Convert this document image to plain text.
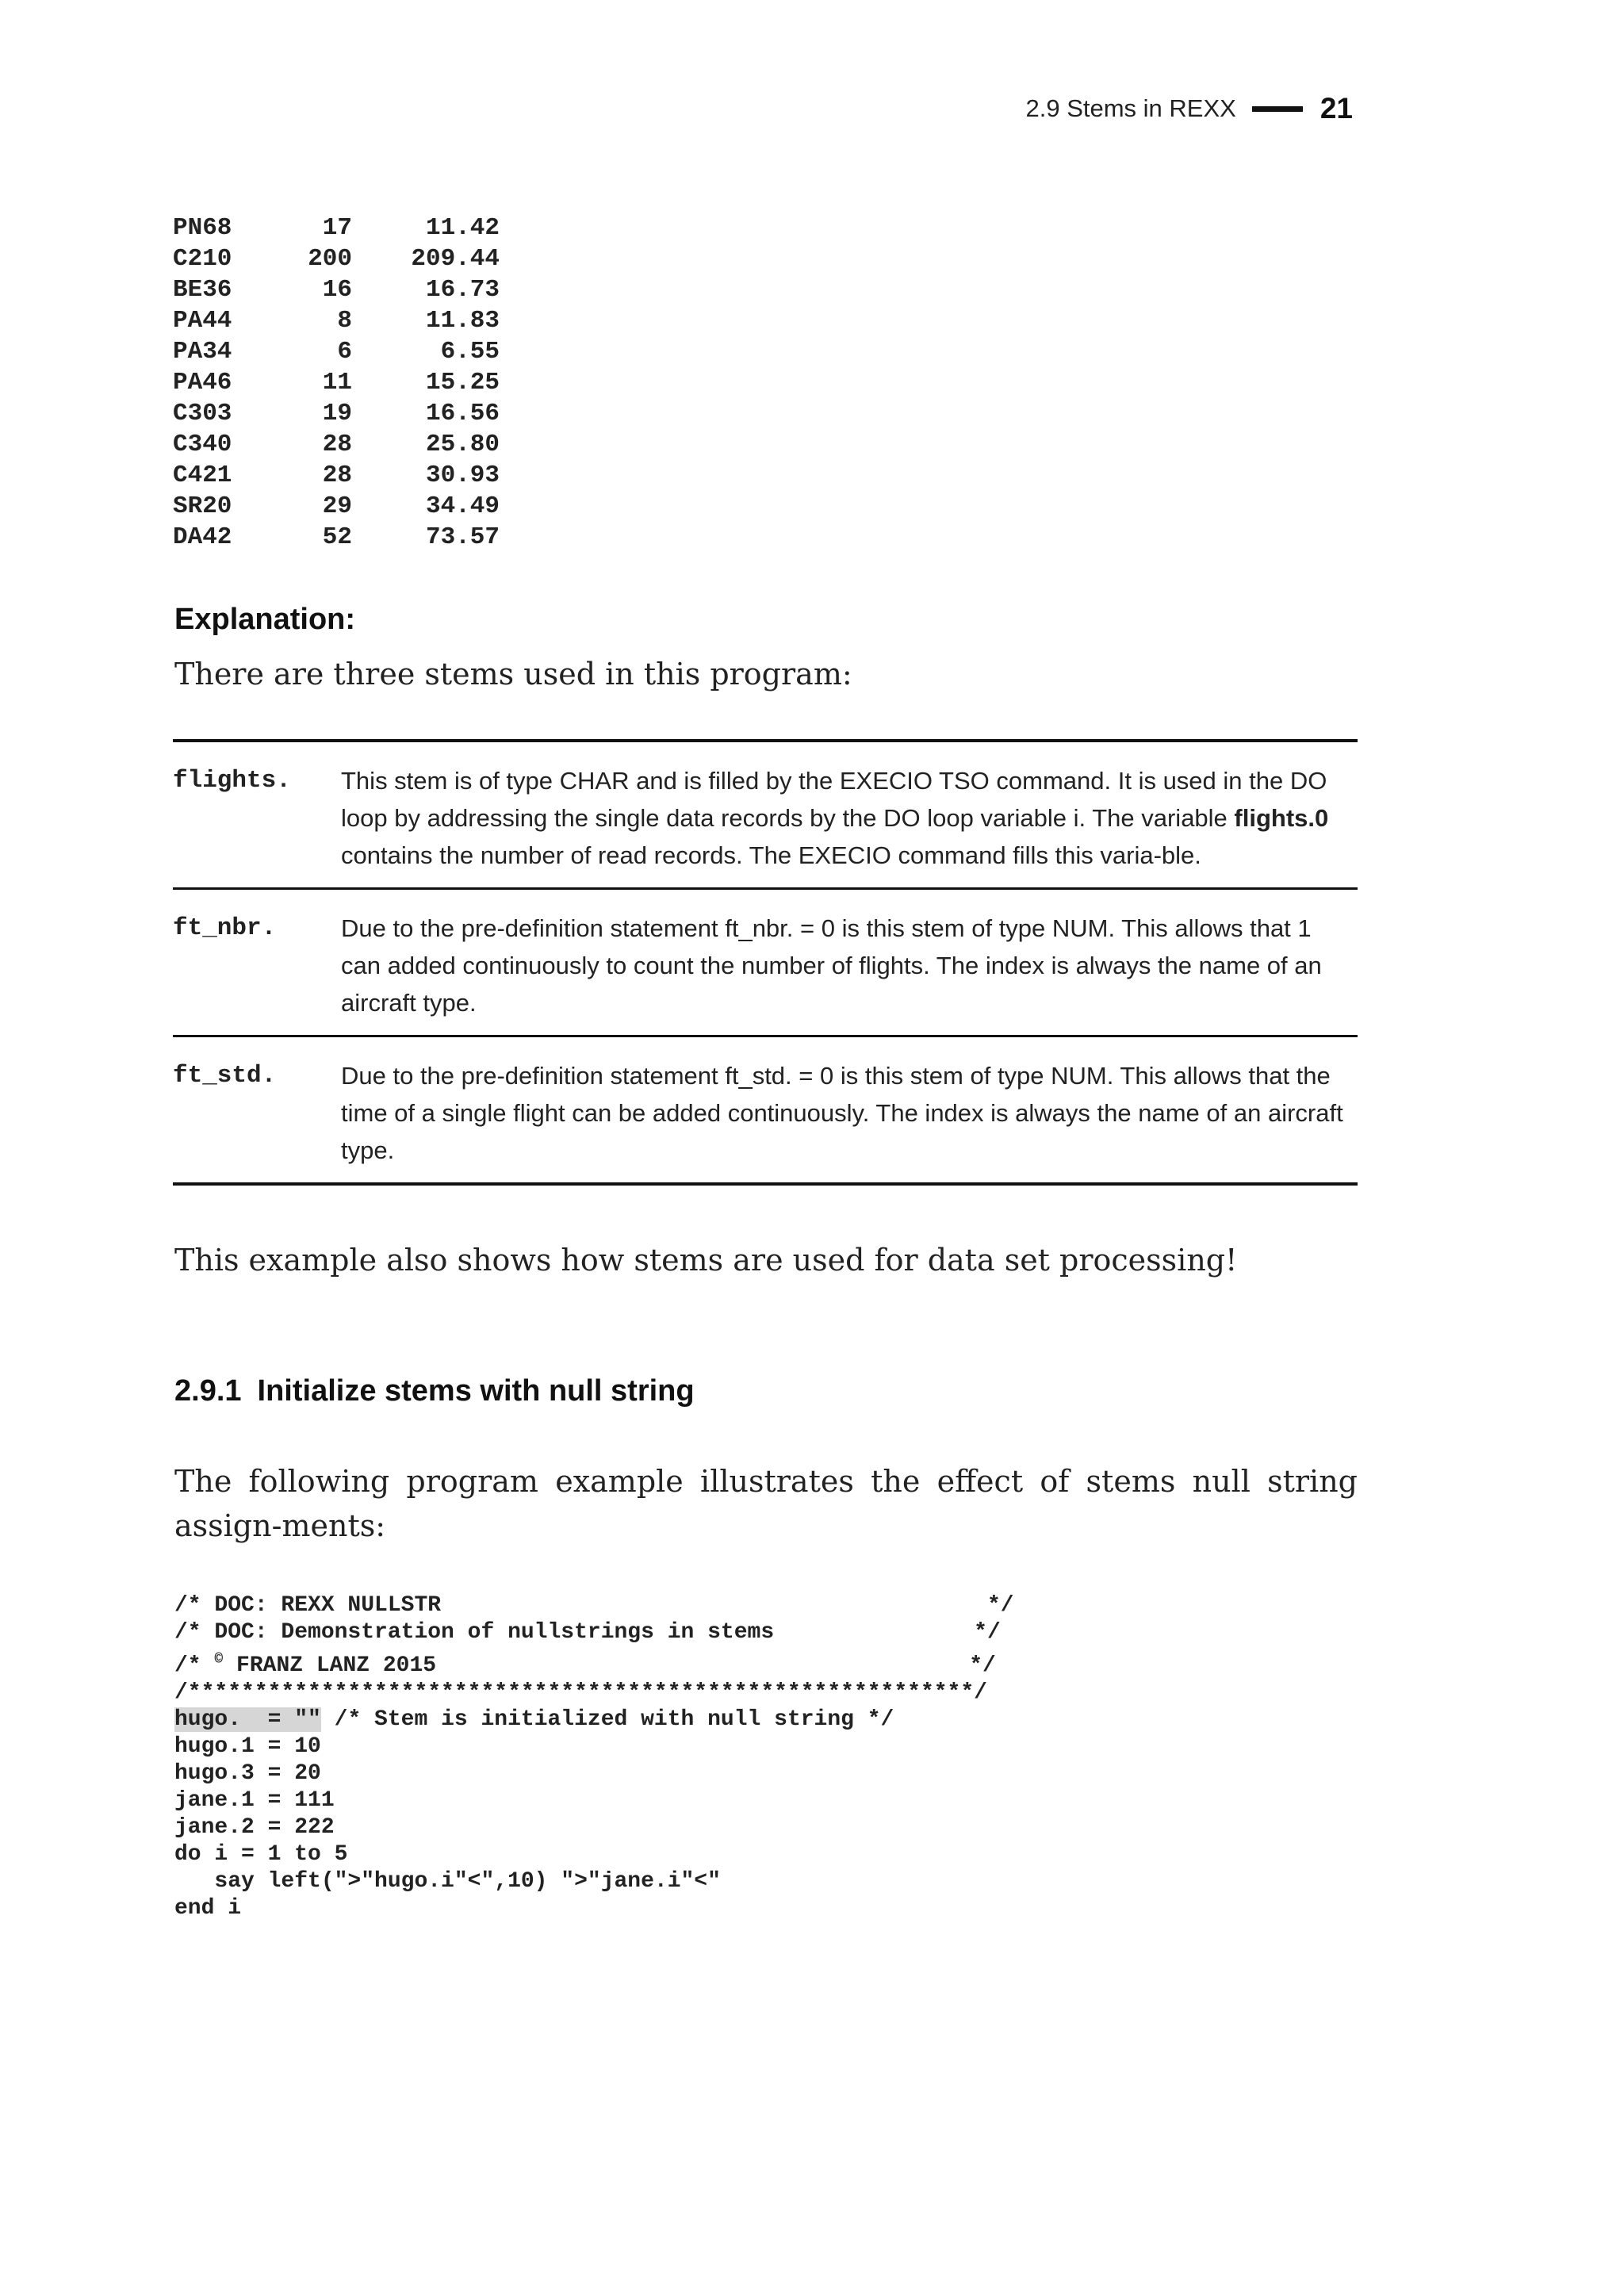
2.9 Stems in REXX	21
PN68	17	11.42
C210	200	209.44
BE36	16	16.73
PA44	8	11.83
PA34	6	6.55
PA46	11	15.25
C303	19	16.56
C340	28	25.80
C421	28	30.93
SR20	29	34.49
DA42	52	73.57
Explanation:
There are three stems used in this program:
flights.	This stem is of type CHAR and is filled by the EXECIO TSO command. It is used in the DO loop by addressing the single data records by the DO loop variable i. The variable flights.0 contains the number of read records. The EXECIO command fills this varia-ble.
ft_nbr.	Due to the pre-definition statement ft_nbr. = 0 is this stem of type NUM. This allows that 1 can added continuously to count the number of flights. The index is always the name of an aircraft type.
ft_std.	Due to the pre-definition statement ft_std. = 0 is this stem of type NUM. This allows that the time of a single flight can be added continuously. The index is always the name of an aircraft type.
This example also shows how stems are used for data set processing!
2.9.1 Initialize stems with null string
The following program example illustrates the effect of stems null string assign-ments:
/* DOC: REXX NULLSTR                                         */
/* DOC: Demonstration of nullstrings in stems               */
/* © FRANZ LANZ 2015                                        */
/***********************************************************/
hugo.  = "" /* Stem is initialized with null string */
hugo.1 = 10
hugo.3 = 20
jane.1 = 111
jane.2 = 222
do i = 1 to 5
say left(">"hugo.i"<",10) ">"jane.i"<"
end i
